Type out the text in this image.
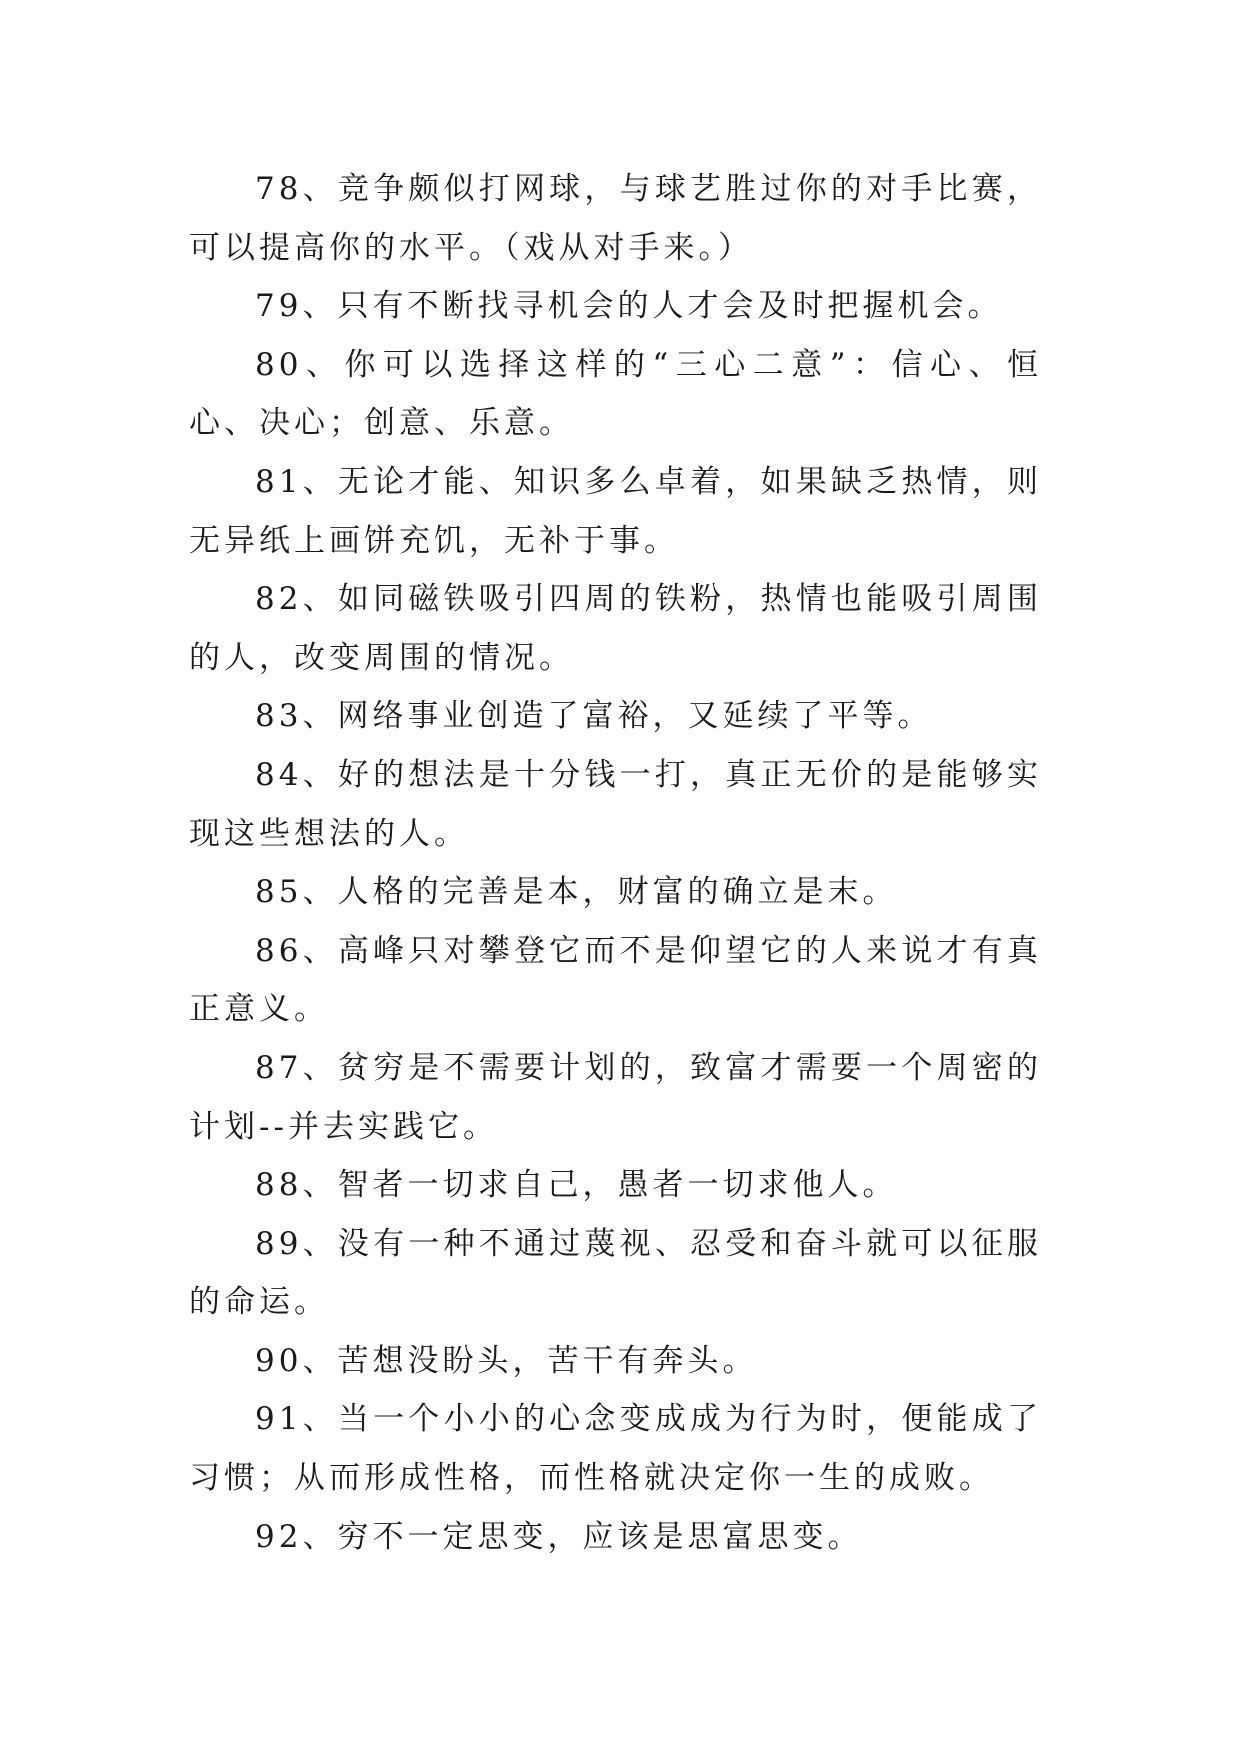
78、竞争颇似打网球，与球艺胜过你的对手比赛，可以提高你的水平。（戏从对手来。）

79、只有不断找寻机会的人才会及时把握机会。

80、你可以选择这样的“三心二意”：信心、恒心、决心；创意、乐意。

81、无论才能、知识多么卓着，如果缺乏热情，则无异纸上画饼充饥，无补于事。

82、如同磁铁吸引四周的铁粉，热情也能吸引周围的人，改变周围的情况。

83、网络事业创造了富裕，又延续了平等。

84、好的想法是十分钱一打，真正无价的是能够实现这些想法的人。

85、人格的完善是本，财富的确立是末。

86、高峰只对攀登它而不是仰望它的人来说才有真正意义。

87、贫穷是不需要计划的，致富才需要一个周密的计划--并去实践它。

88、智者一切求自己，愚者一切求他人。

89、没有一种不通过蔑视、忍受和奋斗就可以征服的命运。

90、苦想没盼头，苦干有奔头。

91、当一个小小的心念变成成为行为时，便能成了习惯；从而形成性格，而性格就决定你一生的成败。

92、穷不一定思变，应该是思富思变。
